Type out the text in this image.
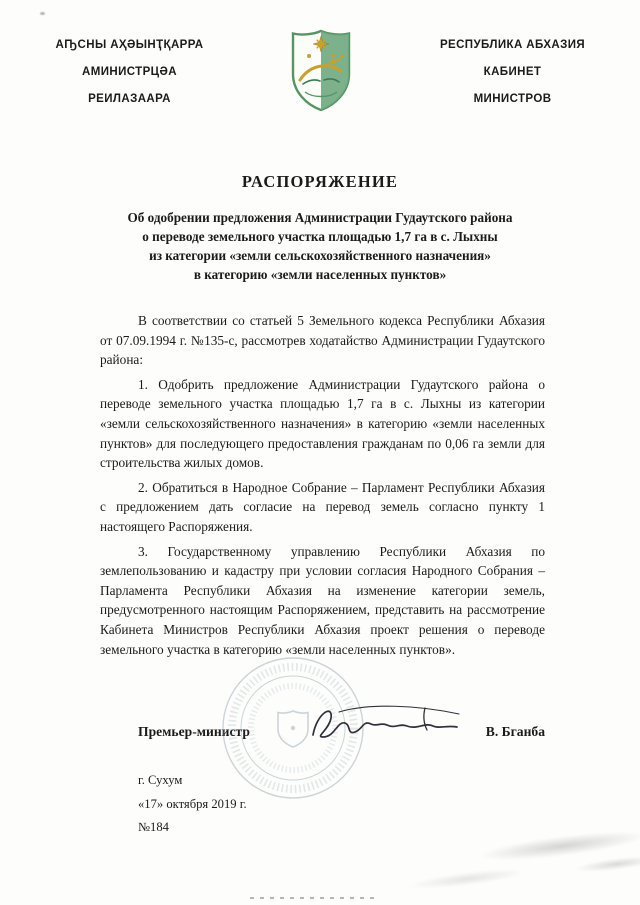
АҦСНЫ АҲӘЫНҬҚАРРА
АМИНИСТРЦӘА
РЕИЛАЗААРА
РЕСПУБЛИКА АБХАЗИЯ
КАБИНЕТ
МИНИСТРОВ
РАСПОРЯЖЕНИЕ
Об одобрении предложения Администрации Гудаутского района
о переводе земельного участка площадью 1,7 га в с. Лыхны
из категории «земли сельскохозяйственного назначения»
в категорию «земли населенных пунктов»

В соответствии со статьей 5 Земельного кодекса Республики Абхазия от 07.09.1994 г. №135-с, рассмотрев ходатайство Администрации Гудаутского района:

1. Одобрить предложение Администрации Гудаутского района о переводе земельного участка площадью 1,7 га в с. Лыхны из категории «земли сельскохозяйственного назначения» в категорию «земли населенных пунктов» для последующего предоставления гражданам по 0,06 га земли для строительства жилых домов.

2. Обратиться в Народное Собрание – Парламент Республики Абхазия с предложением дать согласие на перевод земель согласно пункту 1 настоящего Распоряжения.

3. Государственному управлению Республики Абхазия по землепользованию и кадастру при условии согласия Народного Собрания – Парламента Республики Абхазия на изменение категории земель, предусмотренного настоящим Распоряжением, представить на рассмотрение Кабинета Министров Республики Абхазия проект решения о переводе земельного участка в категорию «земли населенных пунктов».

Премьер-министр	В. Бганба
г. Сухум
«17» октября 2019 г.
№184
